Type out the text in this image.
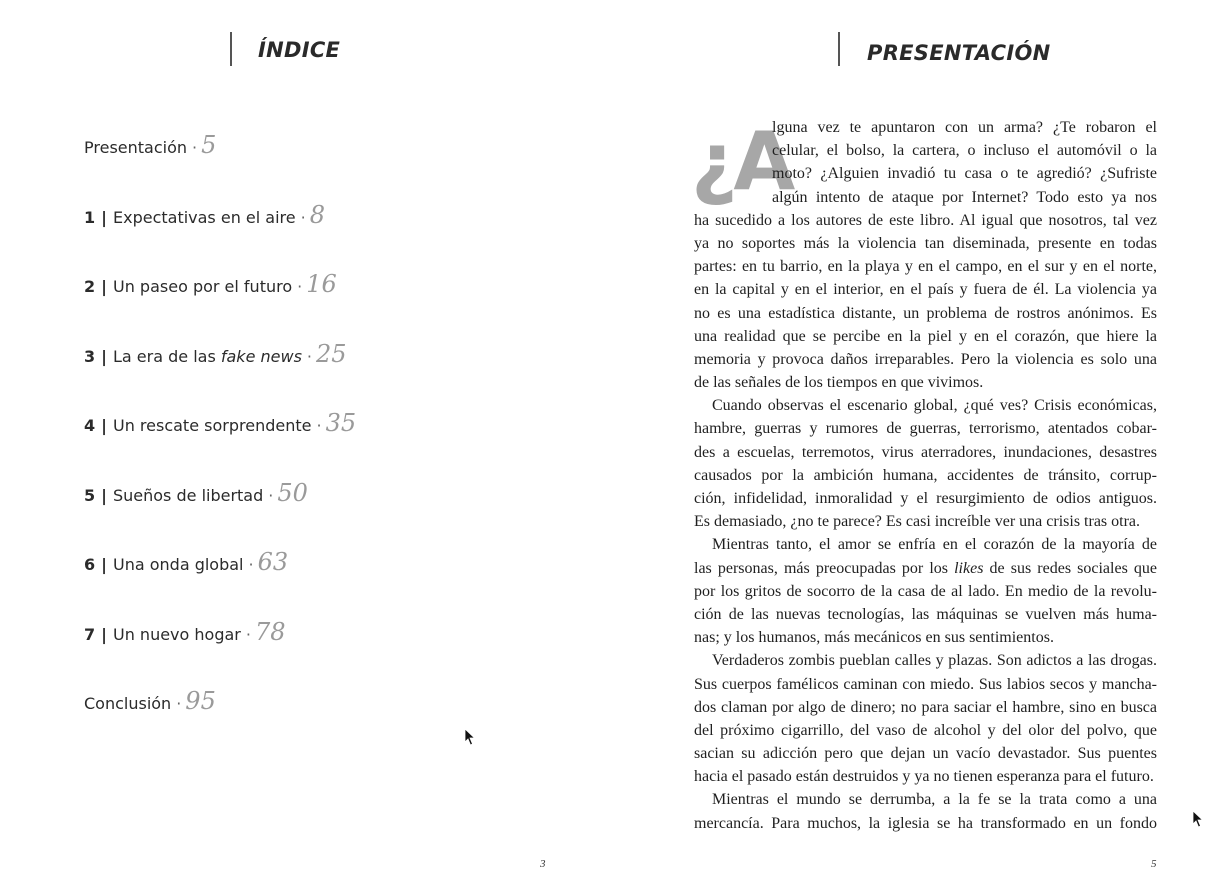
ÍNDICE
Presentación · 5
1 | Expectativas en el aire · 8
2 | Un paseo por el futuro · 16
3 | La era de las fake news · 25
4 | Un rescate sorprendente · 35
5 | Sueños de libertad · 50
6 | Una onda global · 63
7 | Un nuevo hogar · 78
Conclusión · 95
3
PRESENTACIÓN
¿A
lguna vez te apuntaron con un arma? ¿Te robaron el
celular, el bolso, la cartera, o incluso el automóvil o la
moto? ¿Alguien invadió tu casa o te agredió? ¿Sufriste
algún intento de ataque por Internet? Todo esto ya nos
ha sucedido a los autores de este libro. Al igual que nosotros, tal vez
ya no soportes más la violencia tan diseminada, presente en todas
partes: en tu barrio, en la playa y en el campo, en el sur y en el norte,
en la capital y en el interior, en el país y fuera de él. La violencia ya
no es una estadística distante, un problema de rostros anónimos. Es
una realidad que se percibe en la piel y en el corazón, que hiere la
memoria y provoca daños irreparables. Pero la violencia es solo una
de las señales de los tiempos en que vivimos.
Cuando observas el escenario global, ¿qué ves? Crisis económicas,
hambre, guerras y rumores de guerras, terrorismo, atentados cobar-
des a escuelas, terremotos, virus aterradores, inundaciones, desastres
causados por la ambición humana, accidentes de tránsito, corrup-
ción, infidelidad, inmoralidad y el resurgimiento de odios antiguos.
Es demasiado, ¿no te parece? Es casi increíble ver una crisis tras otra.
Mientras tanto, el amor se enfría en el corazón de la mayoría de
las personas, más preocupadas por los likes de sus redes sociales que
por los gritos de socorro de la casa de al lado. En medio de la revolu-
ción de las nuevas tecnologías, las máquinas se vuelven más huma-
nas; y los humanos, más mecánicos en sus sentimientos.
Verdaderos zombis pueblan calles y plazas. Son adictos a las drogas.
Sus cuerpos famélicos caminan con miedo. Sus labios secos y mancha-
dos claman por algo de dinero; no para saciar el hambre, sino en busca
del próximo cigarrillo, del vaso de alcohol y del olor del polvo, que
sacian su adicción pero que dejan un vacío devastador. Sus puentes
hacia el pasado están destruidos y ya no tienen esperanza para el futuro.
Mientras el mundo se derrumba, a la fe se la trata como a una
mercancía. Para muchos, la iglesia se ha transformado en un fondo
5
